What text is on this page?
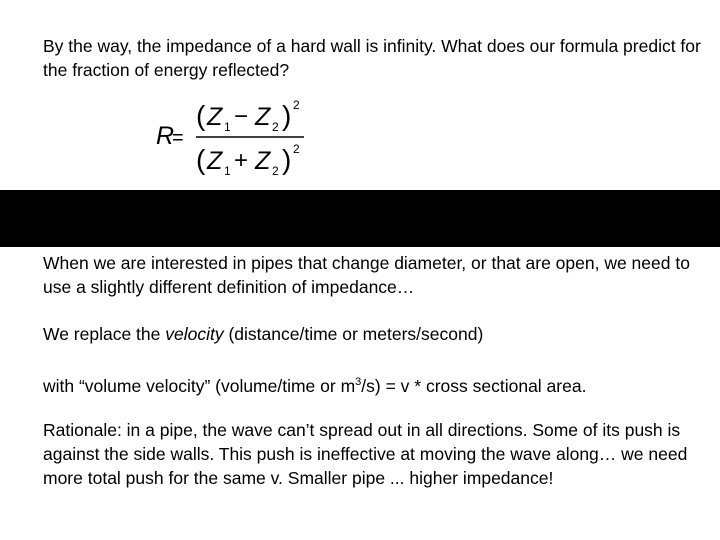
By the way, the impedance of a hard wall is infinity. What does our formula predict for the fraction of energy reflected?

R
=
( Z 1 − Z 2 ) 2
( Z 1 + Z 2 ) 2

When we are interested in pipes that change diameter, or that are open, we need to use a slightly different definition of impedance…

We replace the velocity (distance/time or meters/second)

with “volume velocity” (volume/time or $m^3/s) = v$ * cross sectional area.

Rationale: in a pipe, the wave can’t spread out in all directions. Some of its push is against the side walls. This push is ineffective at moving the wave along… we need more total push for the same v. Smaller pipe ... higher impedance!
